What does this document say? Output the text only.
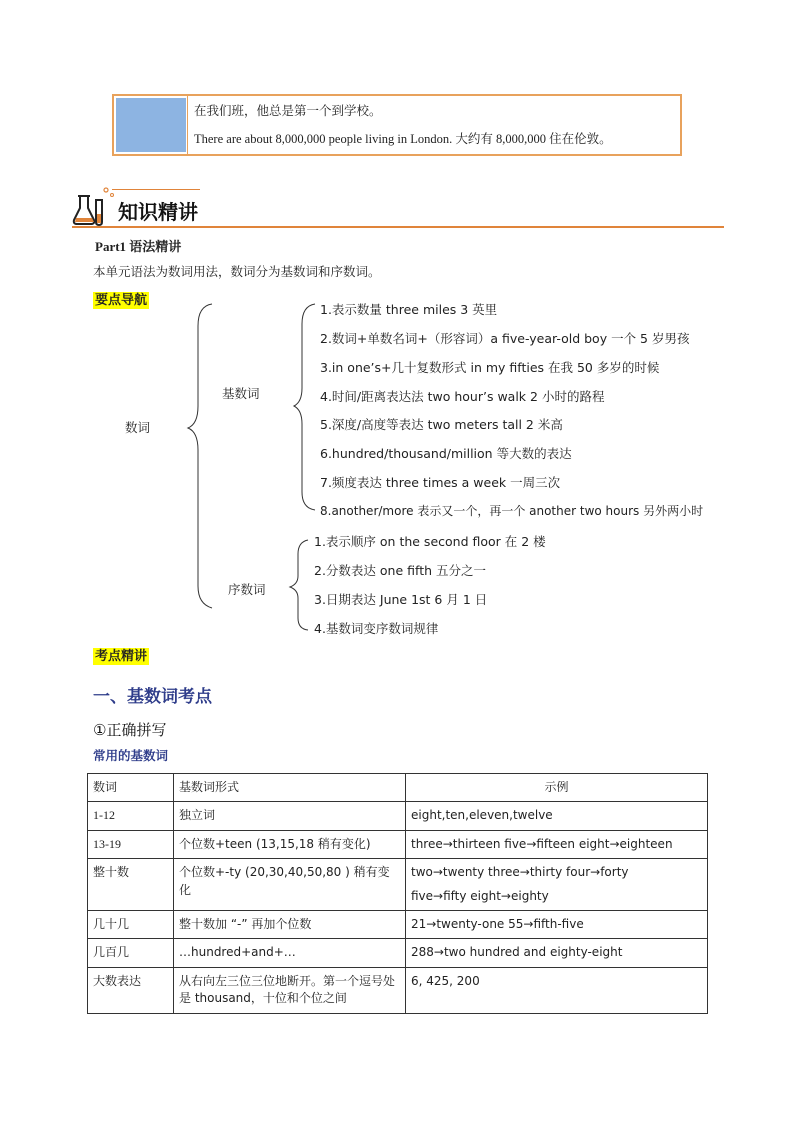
在我们班，他总是第一个到学校。
There are about 8,000,000 people living in London. 大约有 8,000,000 住在伦敦。
知识精讲
Part1 语法精讲
本单元语法为数词用法，数词分为基数词和序数词。
要点导航
数词
基数词
序数词
1.表示数量 three miles 3 英里
2.数词+单数名词+（形容词）a five-year-old boy 一个 5 岁男孩
3.in one’s+几十复数形式 in my fifties 在我 50 多岁的时候
4.时间/距离表达法 two hour’s walk 2 小时的路程
5.深度/高度等表达 two meters tall 2 米高
6.hundred/thousand/million 等大数的表达
7.频度表达 three times a week 一周三次
8.another/more 表示又一个，再一个 another two hours 另外两小时
1.表示顺序 on the second floor 在 2 楼
2.分数表达 one fifth 五分之一
3.日期表达 June 1st 6 月 1 日
4.基数词变序数词规律
考点精讲
一、基数词考点
①正确拼写
常用的基数词
数词	基数词形式	示例
1-12	独立词	eight,ten,eleven,twelve
13-19	个位数+teen (13,15,18 稍有变化)	three→thirteen five→fifteen eight→eighteen
整十数	个位数+-ty (20,30,40,50,80 ) 稍有变化	two→twenty three→thirty four→forty
five→fifty eight→eighty

几十几	整十数加 “-” 再加个位数	21→twenty-one 55→fifth-five
几百几	…hundred+and+…	288→two hundred and eighty-eight
大数表达	从右向左三位三位地断开。第一个逗号处是 thousand，十位和个位之间	6, 425, 200
